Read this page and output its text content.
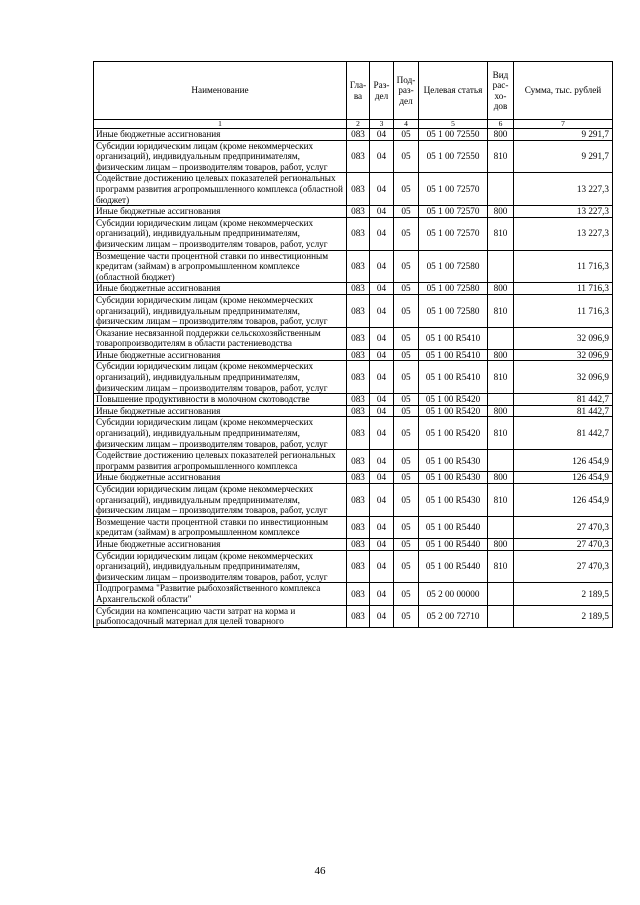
Наименование	Гла-ва	Раз-дел	Под-раз-дел	Целевая статья	Вид рас-хо-дов	Сумма, тыс. рублей
1	2	3	4	5	6	7
Иные бюджетные ассигнования	083	04	05	05 1 00 72550	800	9 291,7
Субсидии юридическим лицам (кроме некоммерческих организаций), индивидуальным предпринимателям, физическим лицам – производителям товаров, работ, услуг	083	04	05	05 1 00 72550	810	9 291,7
Содействие достижению целевых показателей региональных программ развития агропромышленного комплекса (областной бюджет)	083	04	05	05 1 00 72570		13 227,3
Иные бюджетные ассигнования	083	04	05	05 1 00 72570	800	13 227,3
Субсидии юридическим лицам (кроме некоммерческих организаций), индивидуальным предпринимателям, физическим лицам – производителям товаров, работ, услуг	083	04	05	05 1 00 72570	810	13 227,3
Возмещение части процентной ставки по инвестиционным кредитам (займам) в агропромышленном комплексе (областной бюджет)	083	04	05	05 1 00 72580		11 716,3
Иные бюджетные ассигнования	083	04	05	05 1 00 72580	800	11 716,3
Субсидии юридическим лицам (кроме некоммерческих организаций), индивидуальным предпринимателям, физическим лицам – производителям товаров, работ, услуг	083	04	05	05 1 00 72580	810	11 716,3
Оказание несвязанной поддержки сельскохозяйственным товаропроизводителям в области растениеводства	083	04	05	05 1 00 R5410		32 096,9
Иные бюджетные ассигнования	083	04	05	05 1 00 R5410	800	32 096,9
Субсидии юридическим лицам (кроме некоммерческих организаций), индивидуальным предпринимателям, физическим лицам – производителям товаров, работ, услуг	083	04	05	05 1 00 R5410	810	32 096,9
Повышение продуктивности в молочном скотоводстве	083	04	05	05 1 00 R5420		81 442,7
Иные бюджетные ассигнования	083	04	05	05 1 00 R5420	800	81 442,7
Субсидии юридическим лицам (кроме некоммерческих организаций), индивидуальным предпринимателям, физическим лицам – производителям товаров, работ, услуг	083	04	05	05 1 00 R5420	810	81 442,7
Содействие достижению целевых показателей региональных программ развития агропромышленного комплекса	083	04	05	05 1 00 R5430		126 454,9
Иные бюджетные ассигнования	083	04	05	05 1 00 R5430	800	126 454,9
Субсидии юридическим лицам (кроме некоммерческих организаций), индивидуальным предпринимателям, физическим лицам – производителям товаров, работ, услуг	083	04	05	05 1 00 R5430	810	126 454,9
Возмещение части процентной ставки по инвестиционным кредитам (займам) в агропромышленном комплексе	083	04	05	05 1 00 R5440		27 470,3
Иные бюджетные ассигнования	083	04	05	05 1 00 R5440	800	27 470,3
Субсидии юридическим лицам (кроме некоммерческих организаций), индивидуальным предпринимателям, физическим лицам – производителям товаров, работ, услуг	083	04	05	05 1 00 R5440	810	27 470,3
Подпрограмма "Развитие рыбохозяйственного комплекса Архангельской области"	083	04	05	05 2 00 00000		2 189,5
Субсидии на компенсацию части затрат на корма и рыбопосадочный материал для целей товарного	083	04	05	05 2 00 72710		2 189,5
46
